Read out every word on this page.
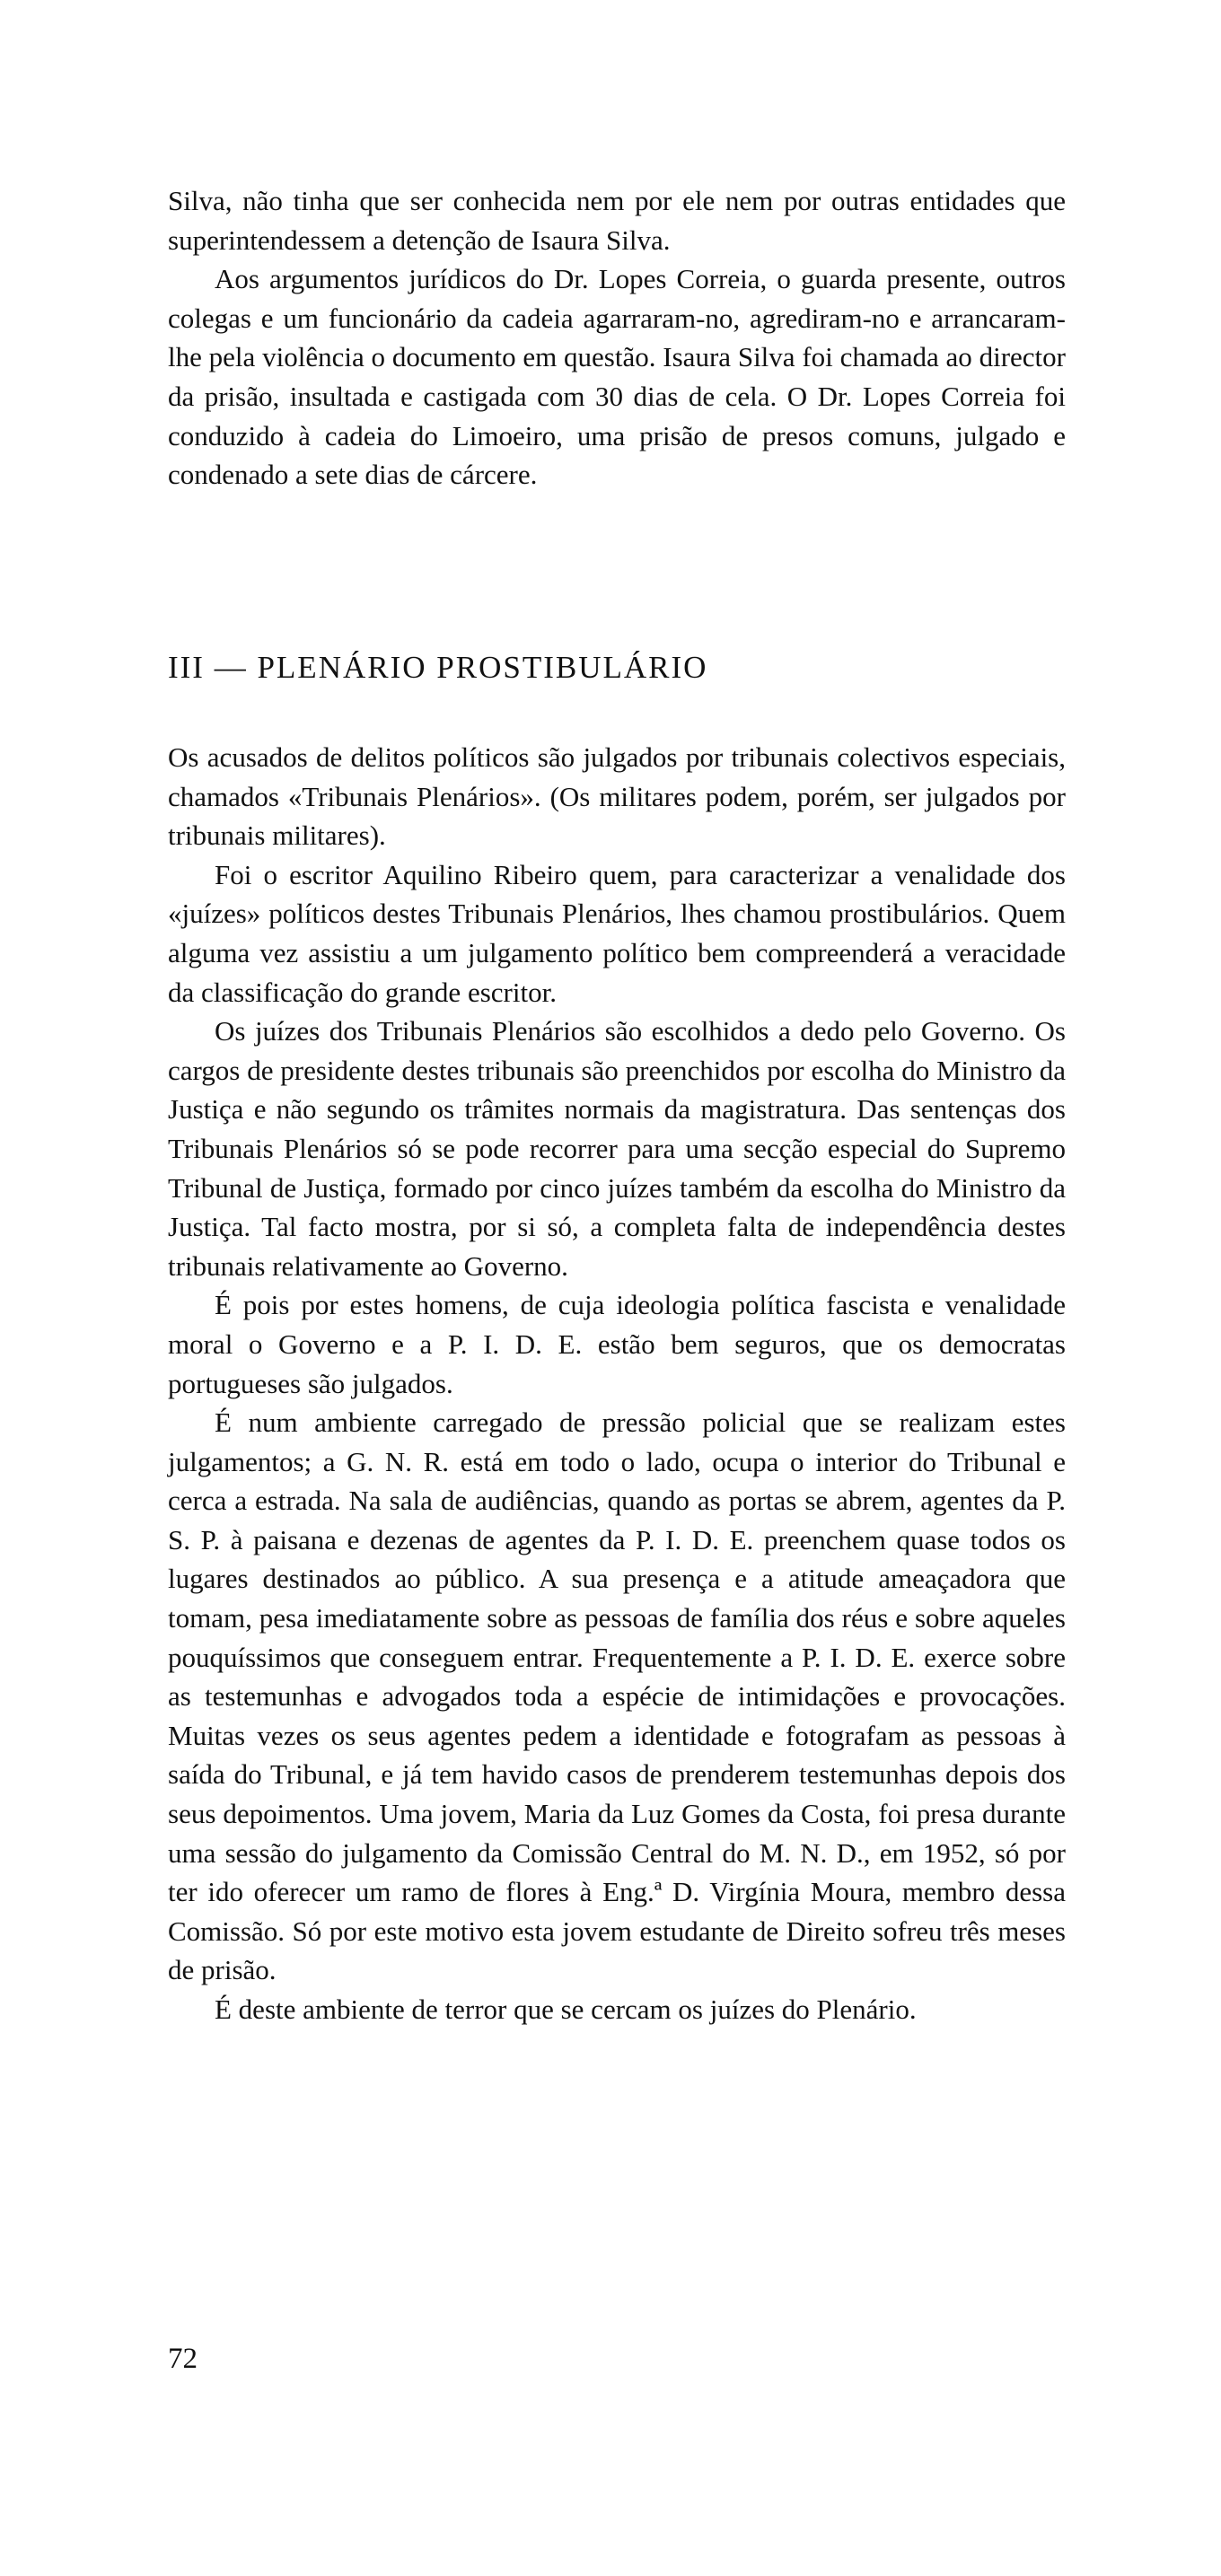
Silva, não tinha que ser conhecida nem por ele nem por outras entidades que superintendessem a detenção de Isaura Silva.

Aos argumentos jurídicos do Dr. Lopes Correia, o guarda presente, outros colegas e um funcionário da cadeia agarraram-no, agrediram-no e arrancaram-lhe pela violência o documento em questão. Isaura Silva foi chamada ao director da prisão, insultada e castigada com 30 dias de cela. O Dr. Lopes Correia foi conduzido à cadeia do Limoeiro, uma prisão de presos comuns, julgado e condenado a sete dias de cárcere.

III — PLENÁRIO PROSTIBULÁRIO

Os acusados de delitos políticos são julgados por tribunais colectivos especiais, chamados «Tribunais Plenários». (Os militares podem, porém, ser julgados por tribunais militares).

Foi o escritor Aquilino Ribeiro quem, para caracterizar a venalidade dos «juízes» políticos destes Tribunais Plenários, lhes chamou prostibulários. Quem alguma vez assistiu a um julgamento político bem compreenderá a veracidade da classificação do grande escritor.

Os juízes dos Tribunais Plenários são escolhidos a dedo pelo Governo. Os cargos de presidente destes tribunais são preenchidos por escolha do Ministro da Justiça e não segundo os trâmites normais da magistratura. Das sentenças dos Tribunais Plenários só se pode recorrer para uma secção especial do Supremo Tribunal de Justiça, formado por cinco juízes também da escolha do Ministro da Justiça. Tal facto mostra, por si só, a completa falta de independência destes tribunais relativamente ao Governo.

É pois por estes homens, de cuja ideologia política fascista e venalidade moral o Governo e a P. I. D. E. estão bem seguros, que os democratas portugueses são julgados.

É num ambiente carregado de pressão policial que se realizam estes julgamentos; a G. N. R. está em todo o lado, ocupa o interior do Tribunal e cerca a estrada. Na sala de audiências, quando as portas se abrem, agentes da P. S. P. à paisana e dezenas de agentes da P. I. D. E. preenchem quase todos os lugares destinados ao público. A sua presença e a atitude ameaçadora que tomam, pesa imediatamente sobre as pessoas de família dos réus e sobre aqueles pouquíssimos que conseguem entrar. Frequentemente a P. I. D. E. exerce sobre as testemunhas e advogados toda a espécie de intimidações e provocações. Muitas vezes os seus agentes pedem a identidade e fotografam as pessoas à saída do Tribunal, e já tem havido casos de prenderem testemunhas depois dos seus depoimentos. Uma jovem, Maria da Luz Gomes da Costa, foi presa durante uma sessão do julgamento da Comissão Central do M. N. D., em 1952, só por ter ido oferecer um ramo de flores à Eng.ª D. Virgínia Moura, membro dessa Comissão. Só por este motivo esta jovem estudante de Direito sofreu três meses de prisão.

É deste ambiente de terror que se cercam os juízes do Plenário.

72
